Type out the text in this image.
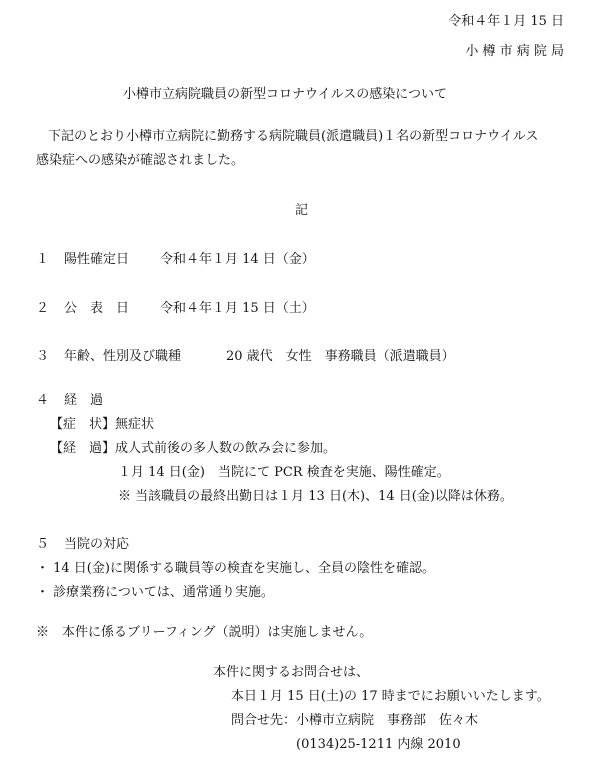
令和４年１月 15 日
小 樽 市 病 院 局
小樽市立病院職員の新型コロナウイルスの感染について
下記のとおり小樽市立病院に勤務する病院職員(派遣職員)１名の新型コロナウイルス
感染症への感染が確認されました。
記
１ 陽性確定日 令和４年１月 14 日（金）
２ 公　表　日 令和４年１月 15 日（土）
３ 年齢、性別及び職種	20 歳代　女性　事務職員（派遣職員）
４ 経　過
【症　状】無症状
【経　過】成人式前後の多人数の飲み会に参加。
１月 14 日(金)　当院にて PCR 検査を実施、陽性確定。
※ 当該職員の最終出勤日は１月 13 日(木)、14 日(金)以降は休務。
５ 当院の対応
・ 14 日(金)に関係する職員等の検査を実施し、全員の陰性を確認。
・ 診療業務については、通常通り実施。
※　本件に係るブリーフィング（説明）は実施しません。
本件に関するお問合せは、
本日１月 15 日(土)の 17 時までにお願いいたします。
問合せ先：小樽市立病院　事務部　佐々木
(0134)25-1211 内線 2010
